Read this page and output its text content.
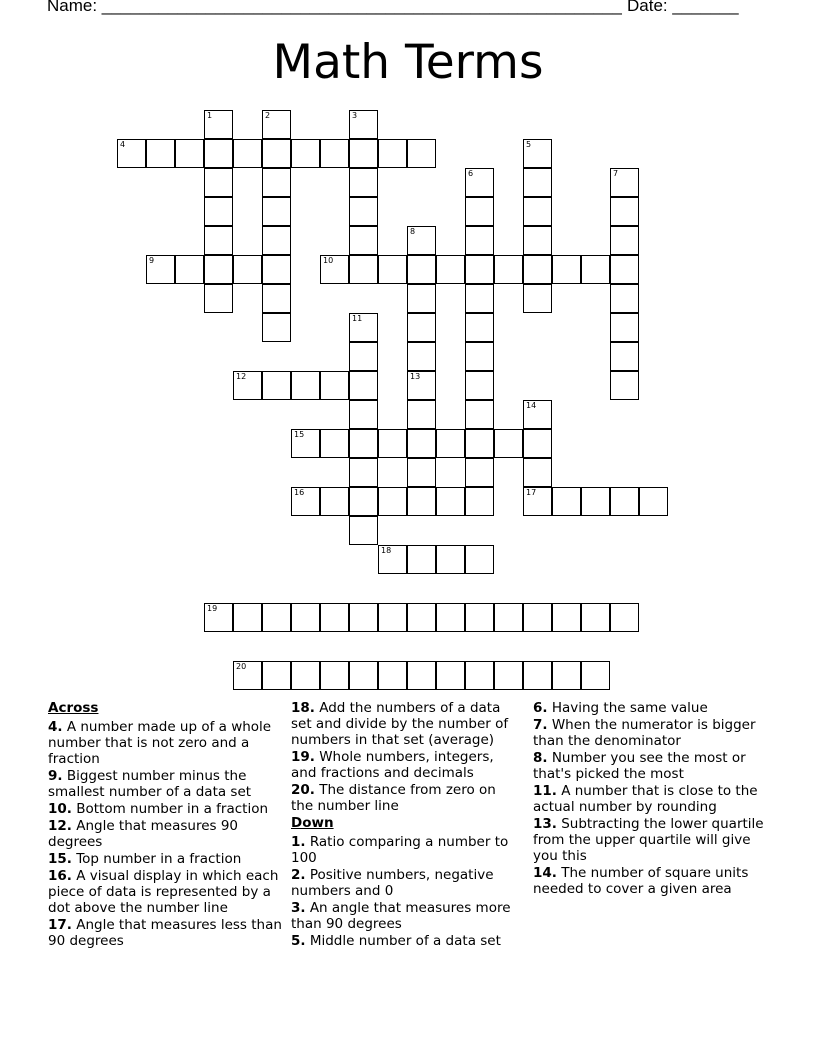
Name: _______________________________________________________ Date: _______
Math Terms
4
9	10
12
15
16	17
18
19
20
1	2	3
5
6	7
8
11
13
14
Across
4. A number made up of a whole number that is not zero and a fraction
9. Biggest number minus the smallest number of a data set
10. Bottom number in a fraction
12. Angle that measures 90 degrees
15. Top number in a fraction
16. A visual display in which each piece of data is represented by a dot above the number line
17. Angle that measures less than 90 degrees
18. Add the numbers of a data set and divide by the number of numbers in that set (average)
19. Whole numbers, integers, and fractions and decimals
20. The distance from zero on the number line
Down
1. Ratio comparing a number to 100
2. Positive numbers, negative numbers and 0
3. An angle that measures more than 90 degrees
5. Middle number of a data set
6. Having the same value
7. When the numerator is bigger than the denominator
8. Number you see the most or that's picked the most
11. A number that is close to the actual number by rounding
13. Subtracting the lower quartile from the upper quartile will give you this
14. The number of square units needed to cover a given area
